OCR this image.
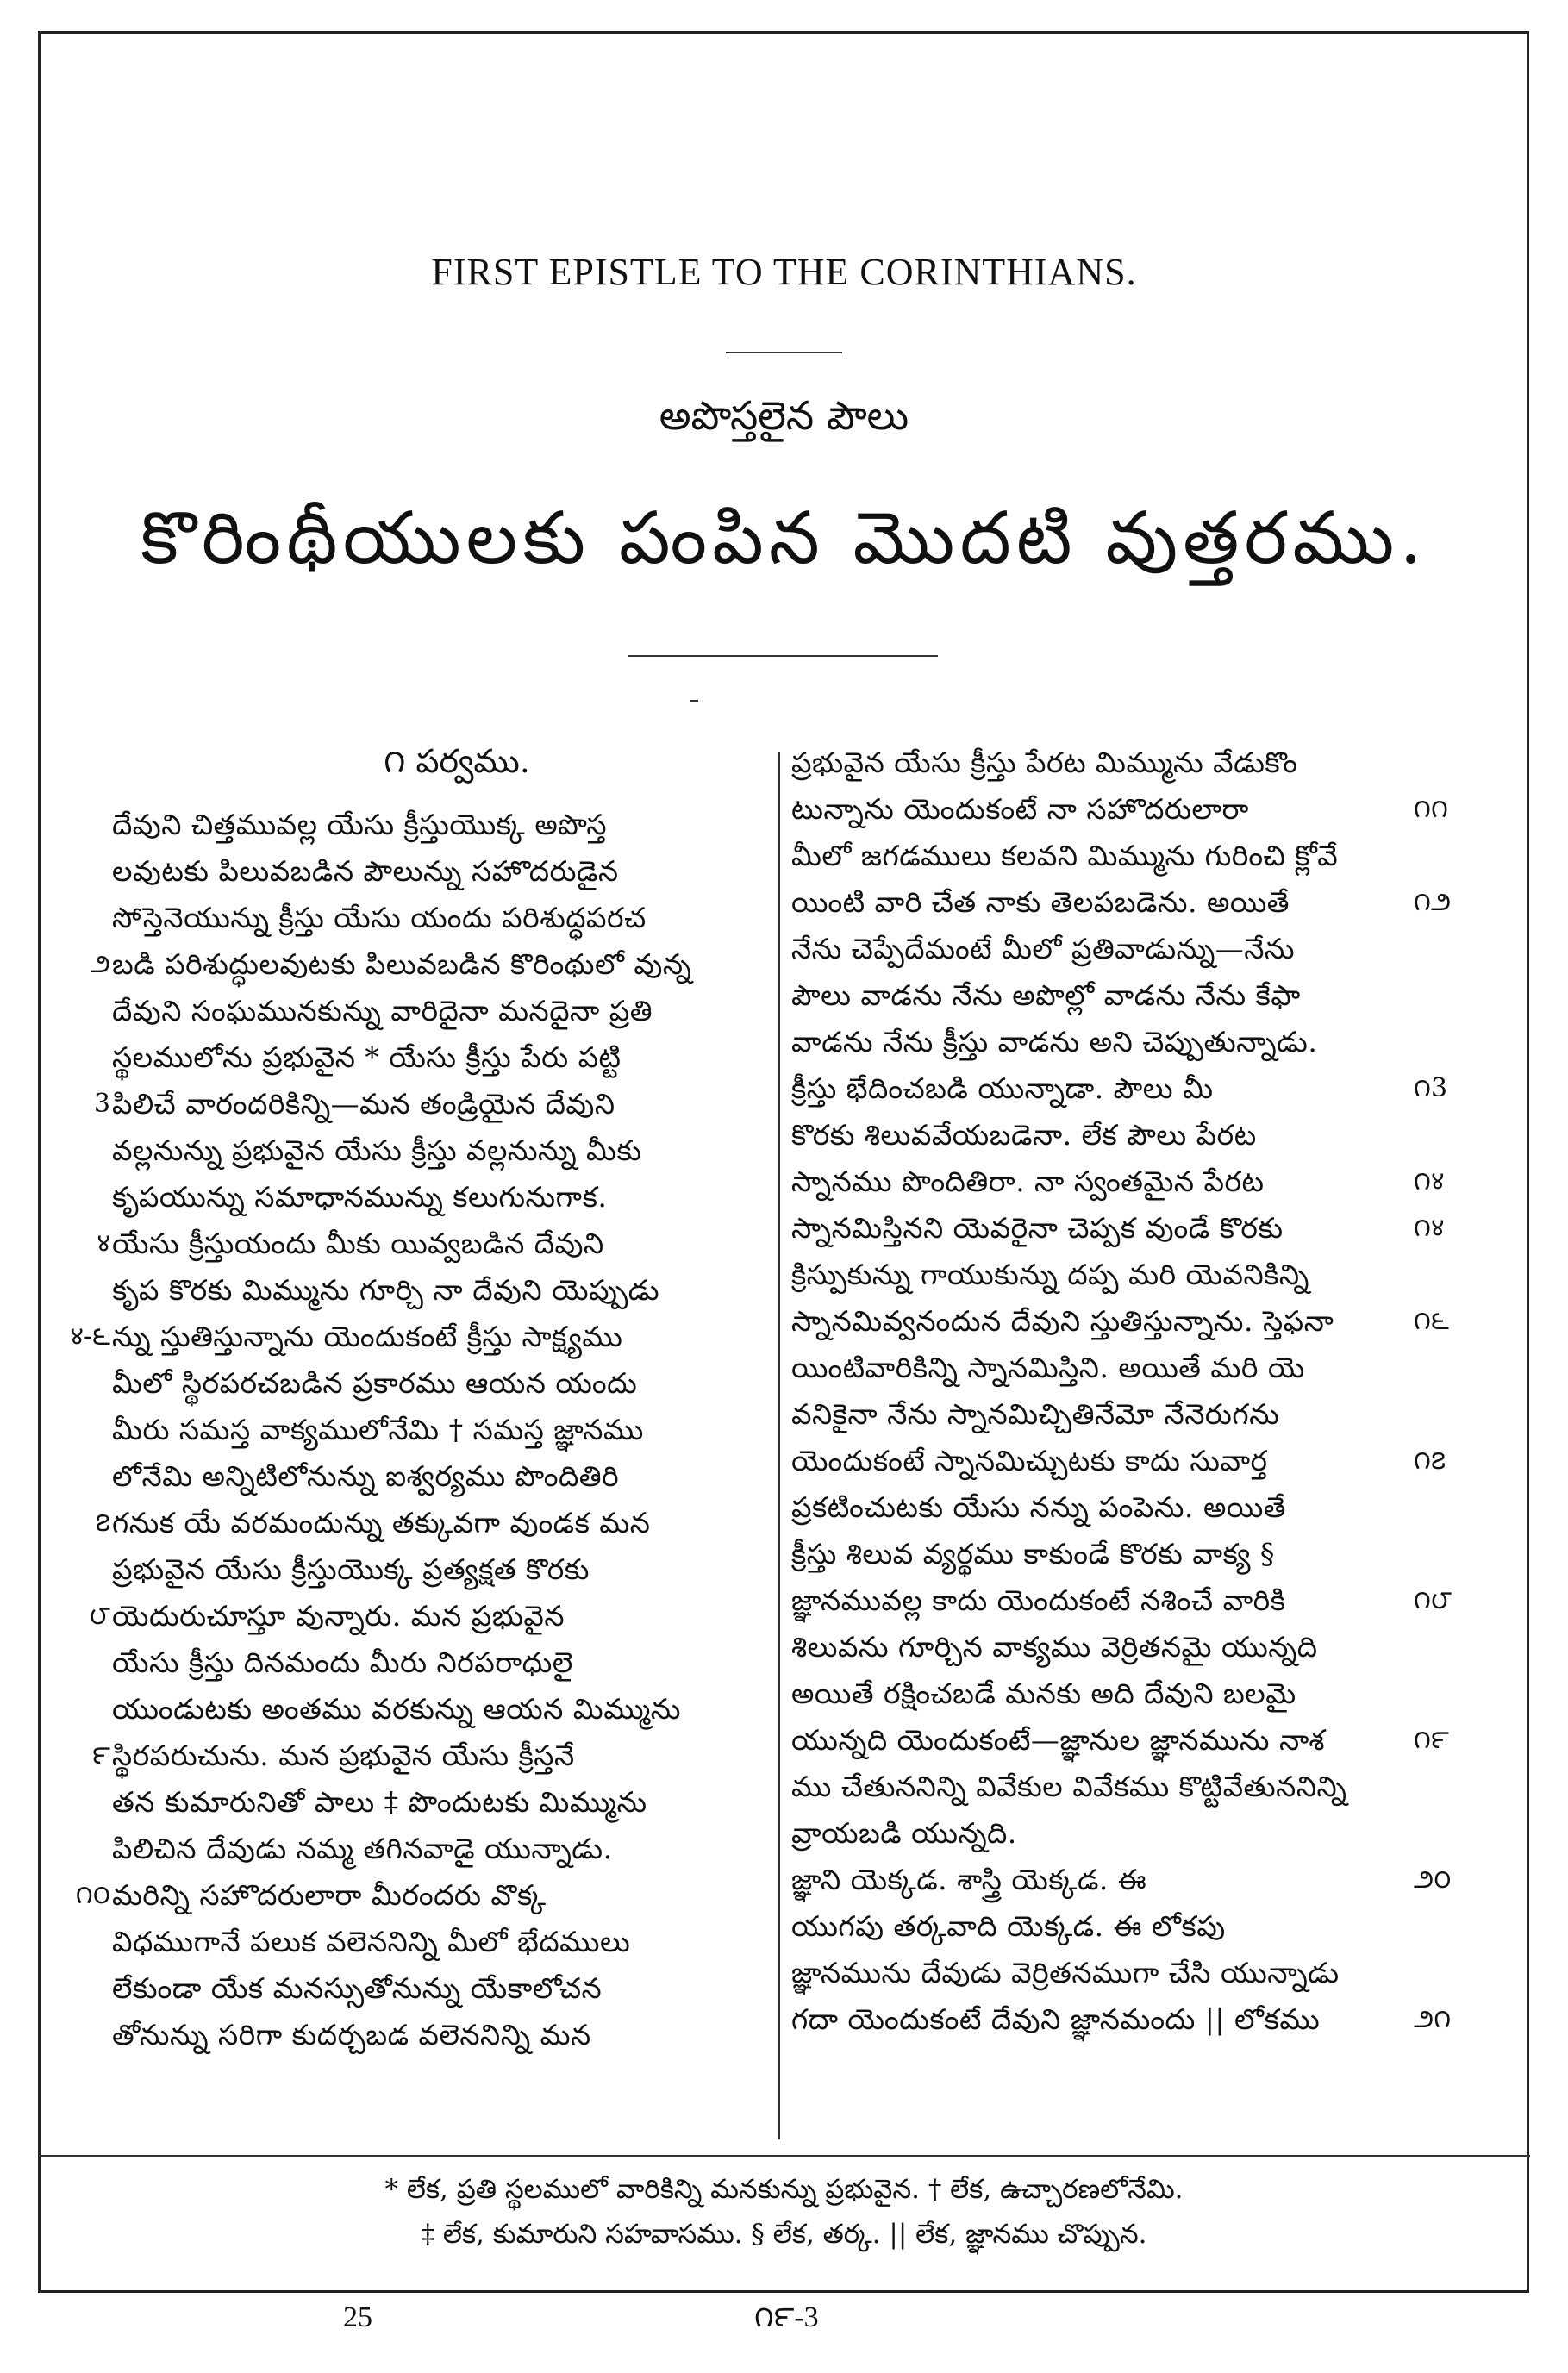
FIRST EPISTLE TO THE CORINTHIANS.
అపొస్తలైన పౌలు
కొరింథీయులకు పంపిన మొదటి వుత్తరము.
౧ పర్వము.
దేవుని చిత్తమువల్ల యేసు క్రీస్తుయొక్క అపొస్త
లవుటకు పిలువబడిన పౌలున్ను సహొదరుడైన
సోస్తెనెయున్ను క్రీస్తు యేసు యందు పరిశుద్ధపరచ
బడి పరిశుద్ధులవుటకు పిలువబడిన కొరింథులో వున్న
దేవుని సంఘమునకున్ను వారిదైనా మనదైనా ప్రతి
స్థలములోను ప్రభువైన * యేసు క్రీస్తు పేరు పట్టి
పిలిచే వారందరికిన్ని—మన తండ్రియైన దేవుని
వల్లనున్ను ప్రభువైన యేసు క్రీస్తు వల్లనున్ను మీకు
కృపయున్ను సమాధానమున్ను కలుగునుగాక.
యేసు క్రీస్తుయందు మీకు యివ్వబడిన దేవుని
కృప కొరకు మిమ్మును గూర్చి నా దేవుని యెప్పుడు
న్ను స్తుతిస్తున్నాను యెందుకంటే క్రీస్తు సాక్ష్యము
మీలో స్థిరపరచబడిన ప్రకారము ఆయన యందు
మీరు సమస్త వాక్యములోనేమి † సమస్త జ్ఞానము
లోనేమి అన్నిటిలోనున్ను ఐశ్వర్యము పొందితిరి
గనుక యే వరమందున్ను తక్కువగా వుండక మన
ప్రభువైన యేసు క్రీస్తుయొక్క ప్రత్యక్షత కొరకు
యెదురుచూస్తూ వున్నారు. మన ప్రభువైన
యేసు క్రీస్తు దినమందు మీరు నిరపరాధులై
యుండుటకు అంతము వరకున్ను ఆయన మిమ్మును
స్థిరపరుచును. మన ప్రభువైన యేసు క్రీస్తనే
తన కుమారునితో పాలు ‡ పొందుటకు మిమ్మును
పిలిచిన దేవుడు నమ్మ తగినవాడై యున్నాడు.
మరిన్ని సహొదరులారా మీరందరు వొక్క
విధముగానే పలుక వలెననిన్ని మీలో భేదములు
లేకుండా యేక మనస్సుతోనున్ను యేకాలోచన
తోనున్ను సరిగా కుదర్చబడ వలెననిన్ని మన
ప్రభువైన యేసు క్రీస్తు పేరట మిమ్మును వేడుకొం
టున్నాను యెందుకంటే నా సహొదరులారా
మీలో జగడములు కలవని మిమ్మును గురించి క్లోవే
యింటి వారి చేత నాకు తెలపబడెను. అయితే
నేను చెప్పేదేమంటే మీలో ప్రతివాడున్ను—నేను
పౌలు వాడను నేను అపొల్లో వాడను నేను కేఫా
వాడను నేను క్రీస్తు వాడను అని చెప్పుతున్నాడు.
క్రీస్తు భేదించబడి యున్నాడా. పౌలు మీ
కొరకు శిలువవేయబడెనా. లేక పౌలు పేరట
స్నానము పొందితిరా. నా స్వంతమైన పేరట
స్నానమిస్తినని యెవరైనా చెప్పక వుండే కొరకు
క్రిస్పుకున్ను గాయుకున్ను దప్ప మరి యెవనికిన్ని
స్నానమివ్వనందున దేవుని స్తుతిస్తున్నాను. స్తెఫనా
యింటివారికిన్ని స్నానమిస్తిని. అయితే మరి యె
వనికైనా నేను స్నానమిచ్చితినేమో నేనెరుగను
యెందుకంటే స్నానమిచ్చుటకు కాదు సువార్త
ప్రకటించుటకు యేసు నన్ను పంపెను. అయితే
క్రీస్తు శిలువ వ్యర్థము కాకుండే కొరకు వాక్య §
జ్ఞానమువల్ల కాదు యెందుకంటే నశించే వారికి
శిలువను గూర్చిన వాక్యము వెర్రితనమై యున్నది
అయితే రక్షించబడే మనకు అది దేవుని బలమై
యున్నది యెందుకంటే—జ్ఞానుల జ్ఞానమును నాశ
ము చేతుననిన్ని వివేకుల వివేకము కొట్టివేతుననిన్ని
వ్రాయబడి యున్నది.
జ్ఞాని యెక్కడ. శాస్త్రి యెక్కడ. ఈ
యుగపు తర్కవాది యెక్కడ. ఈ లోకపు
జ్ఞానమును దేవుడు వెర్రితనముగా చేసి యున్నాడు
గదా యెందుకంటే దేవుని జ్ఞానమందు || లోకము
౨
3
४
४-౬
౭
౮
౯
౧౦
౧౧
౧౨
౧3
౧४
౧४
౧౬
౧౭
౧౮
౧౯
౨౦
౨౧
* లేక, ప్రతి స్థలములో వారికిన్ని మనకున్ను ప్రభువైన. † లేక, ఉచ్చారణలోనేమి.
‡ లేక, కుమారుని సహవాసము. § లేక, తర్క. || లేక, జ్ఞానము చొప్పున.
25	౧౯-3
